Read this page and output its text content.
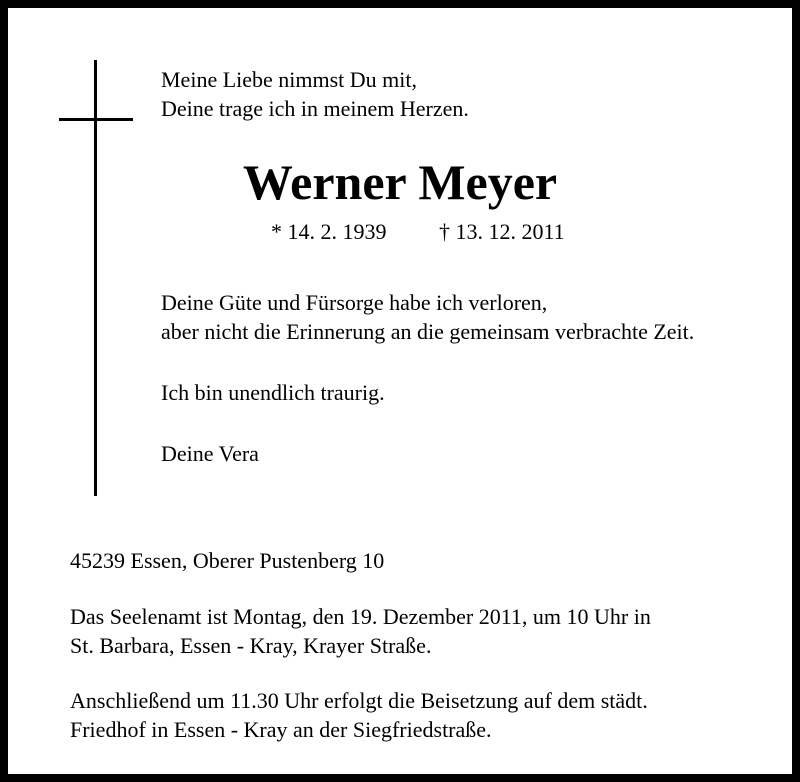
Meine Liebe nimmst Du mit,
Deine trage ich in meinem Herzen.
Werner Meyer
* 14. 2. 1939 † 13. 12. 2011
Deine Güte und Fürsorge habe ich verloren,
aber nicht die Erinnerung an die gemeinsam verbrachte Zeit.
Ich bin unendlich traurig.
Deine Vera
45239 Essen, Oberer Pustenberg 10
Das Seelenamt ist Montag, den 19. Dezember 2011, um 10 Uhr in
St. Barbara, Essen - Kray, Krayer Straße.
Anschließend um 11.30 Uhr erfolgt die Beisetzung auf dem städt.
Friedhof in Essen - Kray an der Siegfriedstraße.
